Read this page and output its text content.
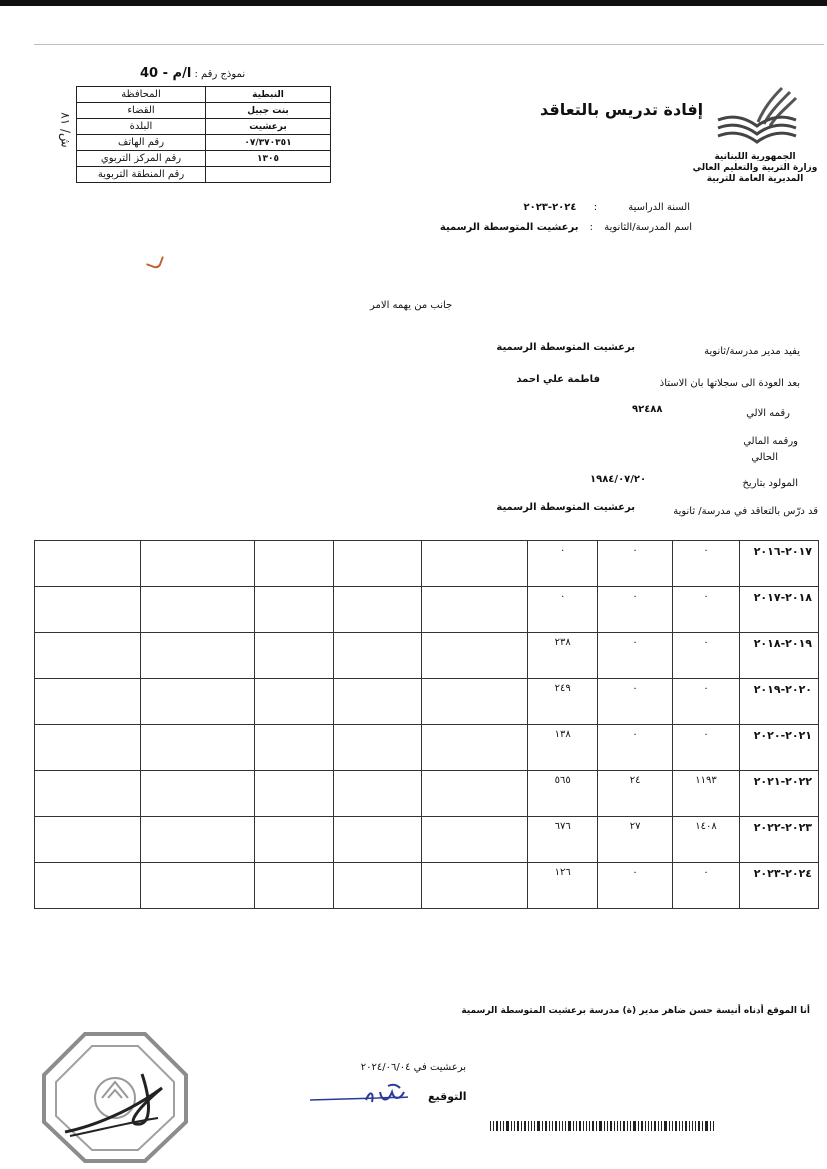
نموذج رقم : ا/م - 40
المحافظة	النبطية
القضاء	بنت جبيل
البلدة	برعشيت
رقم الهاتف	٠٧/٣٧٠٣٥١
رقم المركز التربوي	١٣٠٥
رقم المنطقة التربوية	
ش/ ٨١
الجمهورية اللبنانية
وزارة التربية والتعليم العالي
المديرية العامة للتربية
إفادة تدريس بالتعاقد
السنة الدراسية : ٢٠٢٤-٢٠٢٣
اسم المدرسة/الثانوية : برعشيت المتوسطة الرسمية
جانب من يهمه الامر
يفيد مدير مدرسة/ثانوية
برعشيت المتوسطة الرسمية
بعد العودة الى سجلاتها بان الاستاذ
فاطمة علي احمد
رقمه الالي
٩٢٤٨٨
ورقمه المالي
الحالي
المولود بتاريخ
١٩٨٤/٠٧/٢٠
قد درّس بالتعاقد في مدرسة/ ثانوية
برعشيت المتوسطة الرسمية
					٠	٠	٠	٢٠١٧-٢٠١٦
					٠	٠	٠	٢٠١٨-٢٠١٧
					٢٣٨	٠	٠	٢٠١٩-٢٠١٨
					٢٤٩	٠	٠	٢٠٢٠-٢٠١٩
					١٣٨	٠	٠	٢٠٢١-٢٠٢٠
					٥٦٥	٢٤	١١٩٣	٢٠٢٢-٢٠٢١
					٦٧٦	٢٧	١٤٠٨	٢٠٢٣-٢٠٢٢
					١٢٦	٠	٠	٢٠٢٤-٢٠٢٣
أنا الموقع أدناه أنيسة حسن ضاهر مدير (ة) مدرسة برعشيت المتوسطة الرسمية
برعشيت في ٢٠٢٤/٠٦/٠٤
التوقيع
